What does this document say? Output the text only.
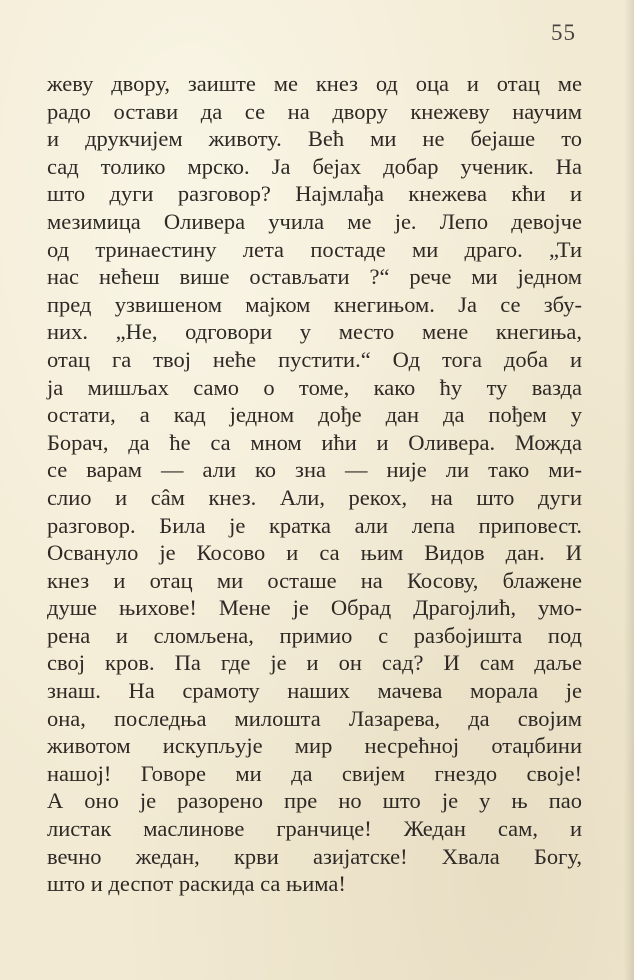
55
жеву двору, заиште ме кнез од оца и отац ме
радо остави да се на двору кнежеву научим
и друкчијем животу. Већ ми не бејаше то
сад толико мрско. Ја бејах добар ученик. На
што дуги разговор? Најмлађа кнежева кћи и
мезимица Оливера учила ме је. Лепо девојче
од тринаестину лета постаде ми драго. „Ти
нас нећеш више остављати ?“ рече ми једном
пред узвишеном мајком кнегињом. Ја се збу-
них. „Не, одговори у место мене кнегиња,
отац га твој неће пустити.“ Од тога доба и
ја мишљах само о томе, како ћу ту вазда
остати, а кад једном дође дан да пођем у
Борач, да ће са мном ићи и Оливера. Можда
се варам — али ко зна — није ли тако ми-
слио и сâм кнез. Али, рекох, на што дуги
разговор. Била је кратка али лепа приповест.
Освануло је Косово и са њим Видов дан. И
кнез и отац ми осташе на Косову, блажене
душе њихове! Мене је Обрад Драгојлић, умо-
рена и сломљена, примио с разбојишта под
свој кров. Па где је и он сад? И сам даље
знаш. На срамоту наших мачева морала је
она, последња милошта Лазарева, да својим
животом искупљује мир несрећној отаџбини
нашој! Говоре ми да свијем гнездо своје!
А оно је разорено пре но што је у њ пао
листак маслинове гранчице! Жедан сам, и
вечно жедан, крви азијатске! Хвала Богу,
што и деспот раскида са њима!
